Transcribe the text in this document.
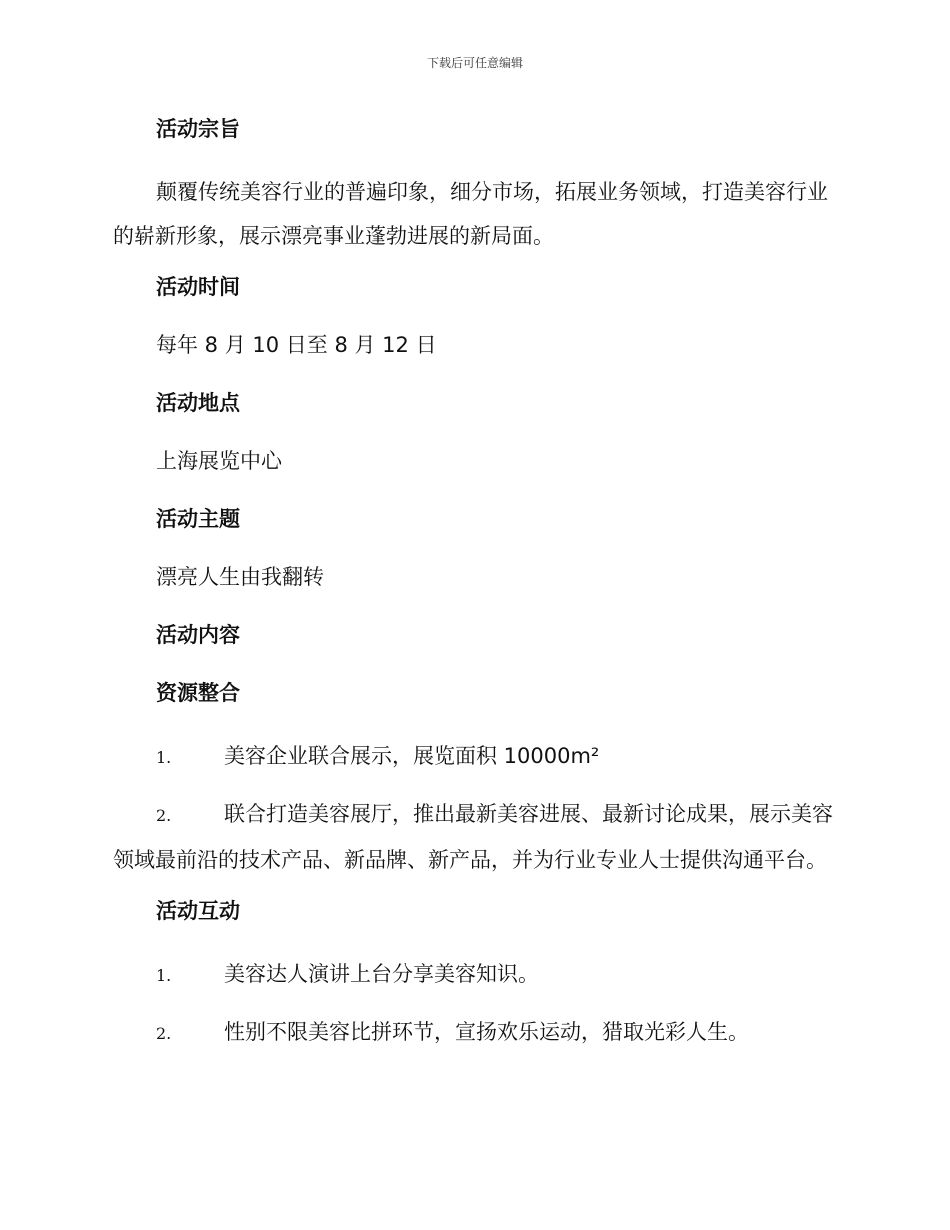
下载后可任意编辑
活动宗旨
颠覆传统美容行业的普遍印象，细分市场，拓展业务领域，打造美容行业的崭新形象，展示漂亮事业蓬勃进展的新局面。
活动时间
每年 8 月 10 日至 8 月 12 日
活动地点
上海展览中心
活动主题
漂亮人生由我翻转
活动内容
资源整合
1.	美容企业联合展示，展览面积 10000m²
2.	联合打造美容展厅，推出最新美容进展、最新讨论成果，展示美容领域最前沿的技术产品、新品牌、新产品，并为行业专业人士提供沟通平台。
活动互动
1.	美容达人演讲上台分享美容知识。
2.	性别不限美容比拼环节，宣扬欢乐运动，猎取光彩人生。
